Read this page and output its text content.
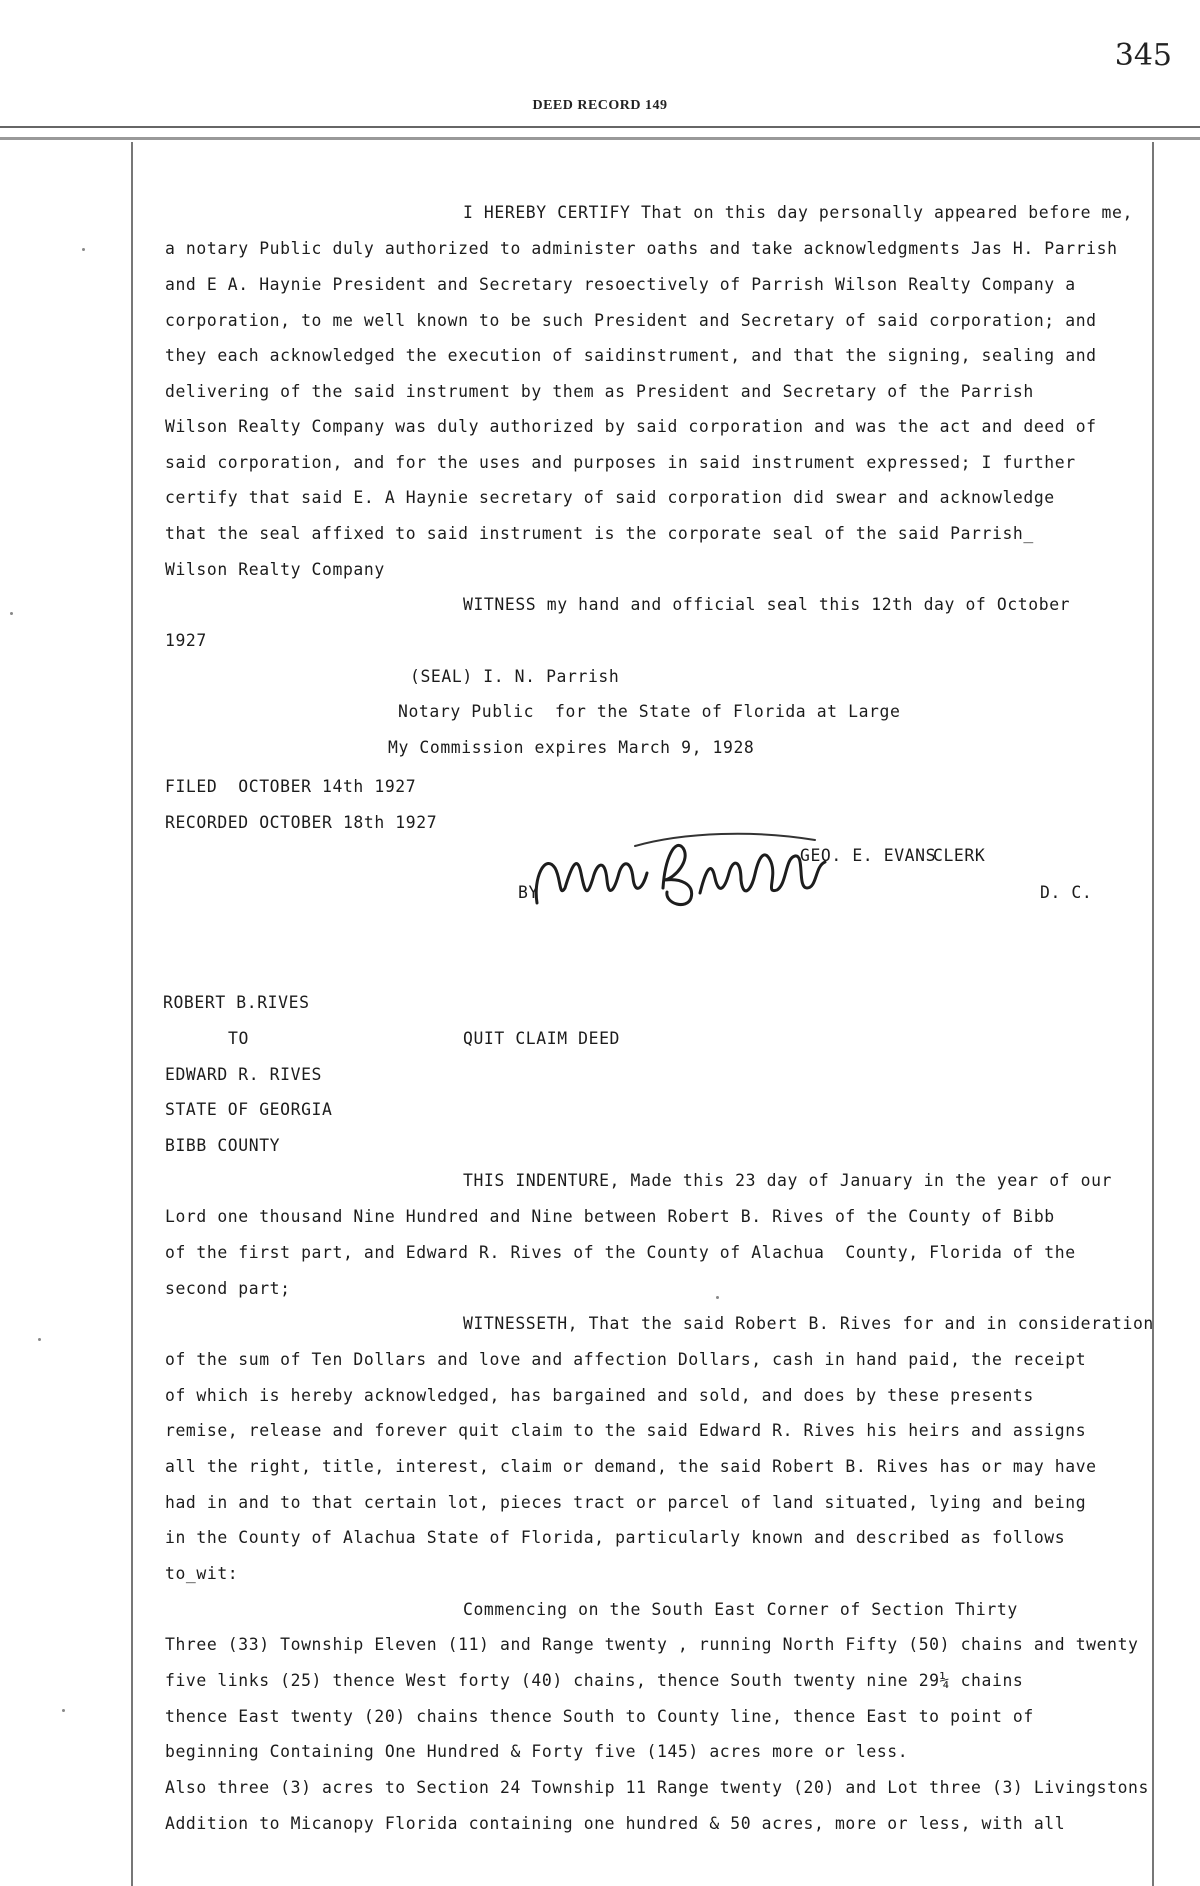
345
DEED RECORD 149
I HEREBY CERTIFY That on this day personally appeared before me,
a notary Public duly authorized to administer oaths and take acknowledgments Jas H. Parrish
and E A. Haynie President and Secretary resoectively of Parrish Wilson Realty Company a
corporation, to me well known to be such President and Secretary of said corporation; and
they each acknowledged the execution of saidinstrument, and that the signing, sealing and
delivering of the said instrument by them as President and Secretary of the Parrish
Wilson Realty Company was duly authorized by said corporation and was the act and deed of
said corporation, and for the uses and purposes in said instrument expressed; I further
certify that said E. A Haynie secretary of said corporation did swear and acknowledge
that the seal affixed to said instrument is the corporate seal of the said Parrish_
Wilson Realty Company
WITNESS my hand and official seal this 12th day of October
1927
(SEAL) I. N. Parrish
Notary Public  for the State of Florida at Large
My Commission expires March 9, 1928
FILED  OCTOBER 14th 1927
RECORDED OCTOBER 18th 1927
GEO. E. EVANS
CLERK
BY	D. C.
ROBERT B.RIVES
TO	QUIT CLAIM DEED
EDWARD R. RIVES
STATE OF GEORGIA
BIBB COUNTY
THIS INDENTURE, Made this 23 day of January in the year of our
Lord one thousand Nine Hundred and Nine between Robert B. Rives of the County of Bibb
of the first part, and Edward R. Rives of the County of Alachua  County, Florida of the
second part;
WITNESSETH, That the said Robert B. Rives for and in consideration
of the sum of Ten Dollars and love and affection Dollars, cash in hand paid, the receipt
of which is hereby acknowledged, has bargained and sold, and does by these presents
remise, release and forever quit claim to the said Edward R. Rives his heirs and assigns
all the right, title, interest, claim or demand, the said Robert B. Rives has or may have
had in and to that certain lot, pieces tract or parcel of land situated, lying and being
in the County of Alachua State of Florida, particularly known and described as follows
to_wit:
Commencing on the South East Corner of Section Thirty
Three (33) Township Eleven (11) and Range twenty , running North Fifty (50) chains and twenty
five links (25) thence West forty (40) chains, thence South twenty nine 29¼ chains
thence East twenty (20) chains thence South to County line, thence East to point of
beginning Containing One Hundred & Forty five (145) acres more or less.
Also three (3) acres to Section 24 Township 11 Range twenty (20) and Lot three (3) Livingstons
Addition to Micanopy Florida containing one hundred & 50 acres, more or less, with all
